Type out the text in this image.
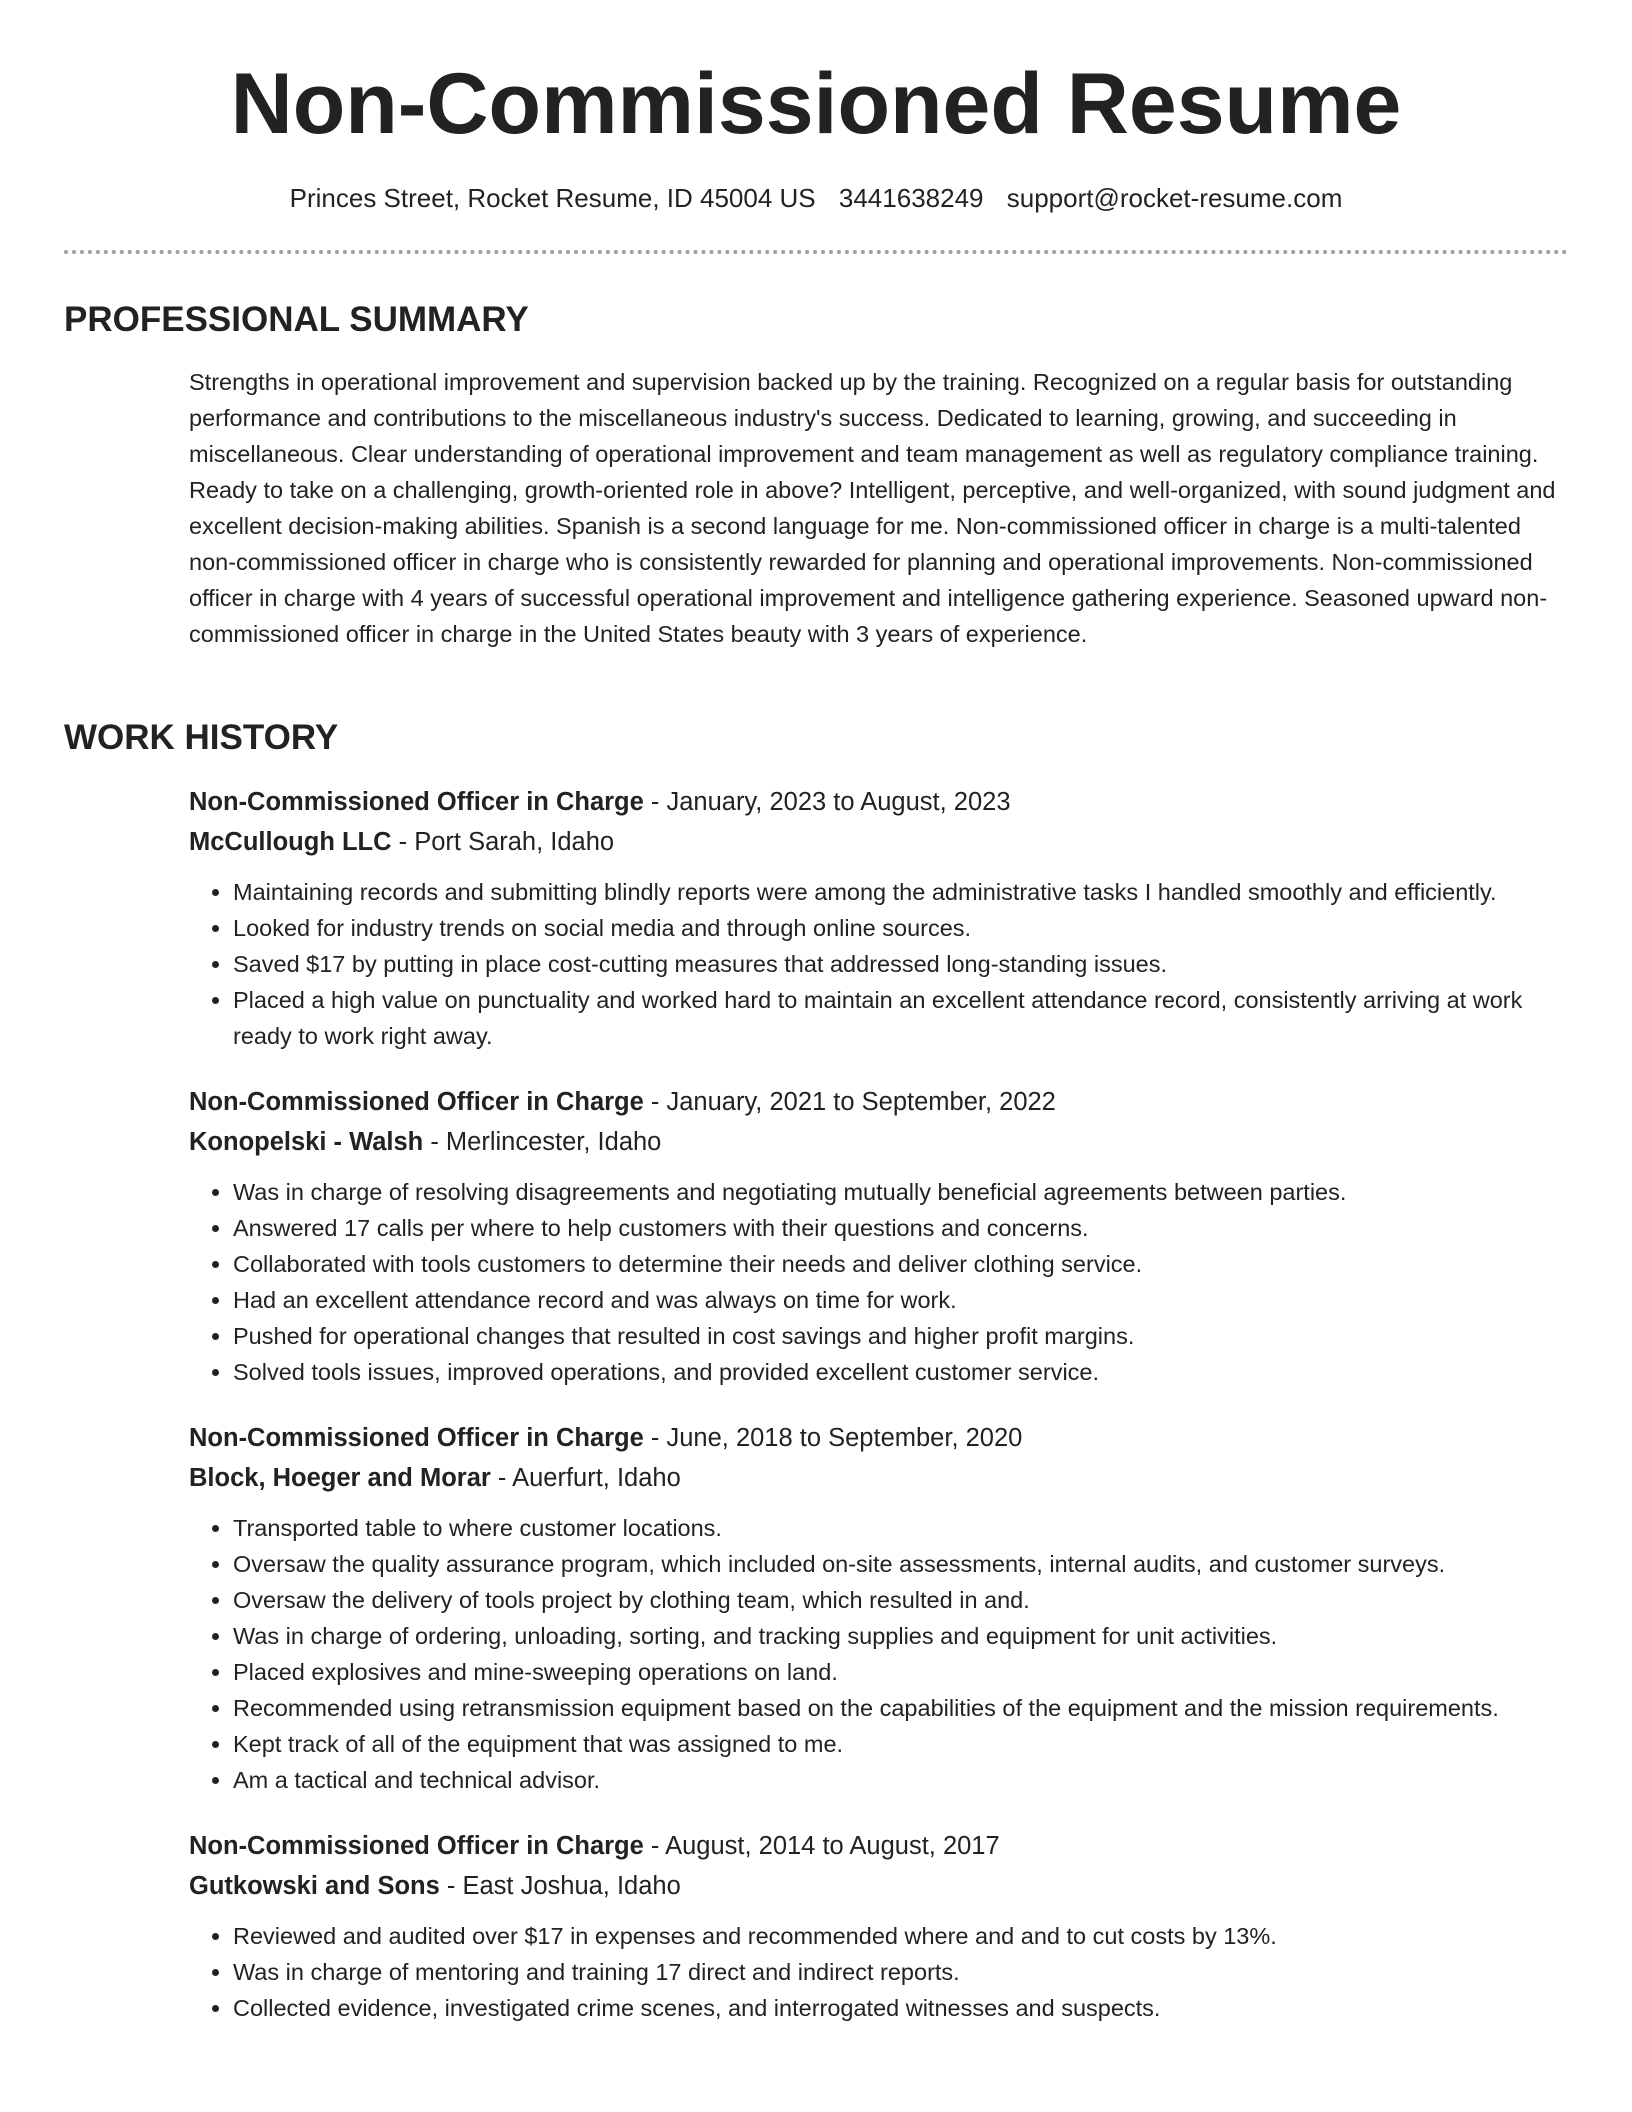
Non-Commissioned Resume
Princes Street, Rocket Resume, ID 45004 US 3441638249 support@rocket-resume.com
PROFESSIONAL SUMMARY

Strengths in operational improvement and supervision backed up by the training. Recognized on a regular basis for outstanding performance and contributions to the miscellaneous industry's success. Dedicated to learning, growing, and succeeding in miscellaneous. Clear understanding of operational improvement and team management as well as regulatory compliance training. Ready to take on a challenging, growth-oriented role in above? Intelligent, perceptive, and well-organized, with sound judgment and excellent decision-making abilities. Spanish is a second language for me. Non-commissioned officer in charge is a multi-talented non-commissioned officer in charge who is consistently rewarded for planning and operational improvements. Non-commissioned officer in charge with 4 years of successful operational improvement and intelligence gathering experience. Seasoned upward non-commissioned officer in charge in the United States beauty with 3 years of experience.

WORK HISTORY

Non-Commissioned Officer in Charge - January, 2023 to August, 2023

McCullough LLC - Port Sarah, Idaho

• Maintaining records and submitting blindly reports were among the administrative tasks I handled smoothly and efficiently.
• Looked for industry trends on social media and through online sources.
• Saved $17 by putting in place cost-cutting measures that addressed long-standing issues.
• Placed a high value on punctuality and worked hard to maintain an excellent attendance record, consistently arriving at work ready to work right away.

Non-Commissioned Officer in Charge - January, 2021 to September, 2022

Konopelski - Walsh - Merlincester, Idaho

• Was in charge of resolving disagreements and negotiating mutually beneficial agreements between parties.
• Answered 17 calls per where to help customers with their questions and concerns.
• Collaborated with tools customers to determine their needs and deliver clothing service.
• Had an excellent attendance record and was always on time for work.
• Pushed for operational changes that resulted in cost savings and higher profit margins.
• Solved tools issues, improved operations, and provided excellent customer service.

Non-Commissioned Officer in Charge - June, 2018 to September, 2020

Block, Hoeger and Morar - Auerfurt, Idaho

• Transported table to where customer locations.
• Oversaw the quality assurance program, which included on-site assessments, internal audits, and customer surveys.
• Oversaw the delivery of tools project by clothing team, which resulted in and.
• Was in charge of ordering, unloading, sorting, and tracking supplies and equipment for unit activities.
• Placed explosives and mine-sweeping operations on land.
• Recommended using retransmission equipment based on the capabilities of the equipment and the mission requirements.
• Kept track of all of the equipment that was assigned to me.
• Am a tactical and technical advisor.

Non-Commissioned Officer in Charge - August, 2014 to August, 2017

Gutkowski and Sons - East Joshua, Idaho

• Reviewed and audited over $17 in expenses and recommended where and and to cut costs by 13%.
• Was in charge of mentoring and training 17 direct and indirect reports.
• Collected evidence, investigated crime scenes, and interrogated witnesses and suspects.
